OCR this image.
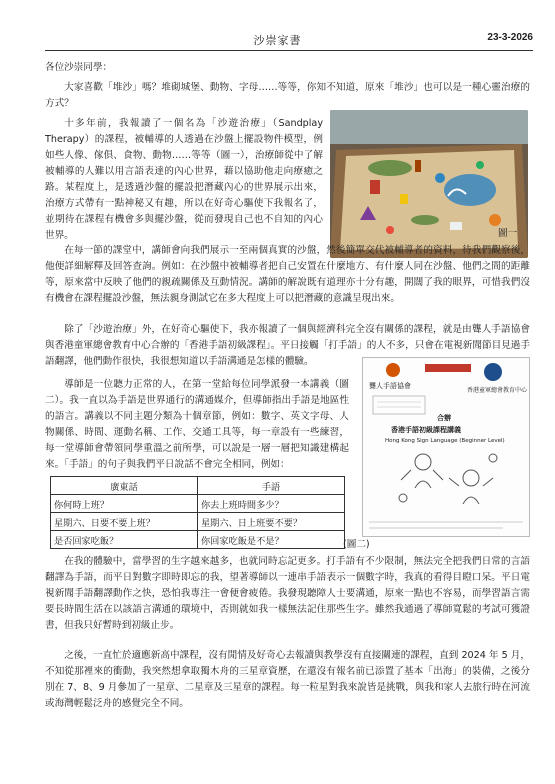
沙崇家書	23-3-2026

各位沙崇同學：

大家喜歡「堆沙」嗎？堆砌城堡、動物、字母……等等，你知不知道，原來「堆沙」也可以是一種心靈治療的方式？

十多年前，我報讀了一個名為「沙遊治療」（Sandplay Therapy）的課程，被輔導的人透過在沙盤上擺設物件模型，例如些人像、傢俱、食物、動物……等等（圖一），治療師從中了解被輔導的人難以用言語表達的內心世界，藉以協助他走向療癒之路。某程度上，是透過沙盤的擺設把潛藏內心的世界展示出來，治療方式帶有一點神秘又有趣，所以在好奇心驅使下我報名了，並期待在課程有機會多與擺沙盤，從而發現自己也不自知的內心世界。	圖一

在每一節的課堂中，講師會向我們展示一至兩個真實的沙盤，然後簡單交代被輔導者的資料，待我們觀察後，他便詳細解釋及回答查詢。例如：在沙盤中被輔導者把自己安置在什麼地方、有什麼人同在沙盤、他們之間的距離等，原來當中反映了他們的親疏關係及互動情況。講師的解說既有道理亦十分有趣，開闊了我的眼界，可惜我們沒有機會在課程擺設沙盤，無法親身測試它在多大程度上可以把潛藏的意識呈現出來。

除了「沙遊治療」外，在好奇心驅使下，我亦報讀了一個與經濟科完全沒有關係的課程，就是由聾人手語協會與香港童軍總會教育中心合辦的「香港手語初級課程」。平日接觸「打手語」的人不多，只會在電視新聞節目見過手語翻譯，他們動作很快，我很想知道以手語溝通是怎樣的體驗。

導師是一位聽力正常的人，在第一堂給每位同學派發一本講義（圖二）。我一直以為手語是世界通行的溝通媒介，但導師指出手語是地區性的語言。講義以不同主題分類為十個章節，例如：數字、英文字母、人物關係、時間、運動名稱、工作、交通工具等，每一章設有一些練習，每一堂導師會帶領同學重溫之前所學，可以說是一層一層把知識建構起來。「手語」的句子與我們平日說話不會完全相同，例如：

聾人手語協會
香港童軍總會教育中心
合辦
香港手語初級課程講義
Hong Kong Sign Language (Beginner Level)
廣東話	手語
你何時上班？	你去上班時間多少？
星期六、日要不要上班？	星期六、日上班要不要？
是否回家吃飯？	你回家吃飯是不是？	(圖二)

在我的體驗中，當學習的生字越來越多，也就同時忘記更多。打手語有不少限制，無法完全把我們日常的言語翻譯為手語，而平日對數字即時即忘的我，望著導師以一連串手語表示一個數字時，我真的看得目瞪口呆。平日電視新聞手語翻譯動作之快，恐怕我專注一會便會疲倦。我發現聽障人士要溝通，原來一點也不容易，而學習語言需要長時間生活在以該語言溝通的環境中，否則就如我一樣無法記住那些生字。雖然我通過了導師寬鬆的考試可獲證書，但我只好暫時到初級止步。

之後，一直忙於適應新高中課程，沒有閒情及好奇心去報讀與教學沒有直接關連的課程，直到 2024 年 5 月，不知從那裡來的衝動，我突然想拿取獨木舟的三星章資歷，在還沒有報名前已添置了基本「出海」的裝備，之後分別在 7、8、9 月參加了一星章、二星章及三星章的課程。每一粒星對我來說皆是挑戰，與我和家人去旅行時在河流或海灣輕鬆泛舟的感覺完全不同。
